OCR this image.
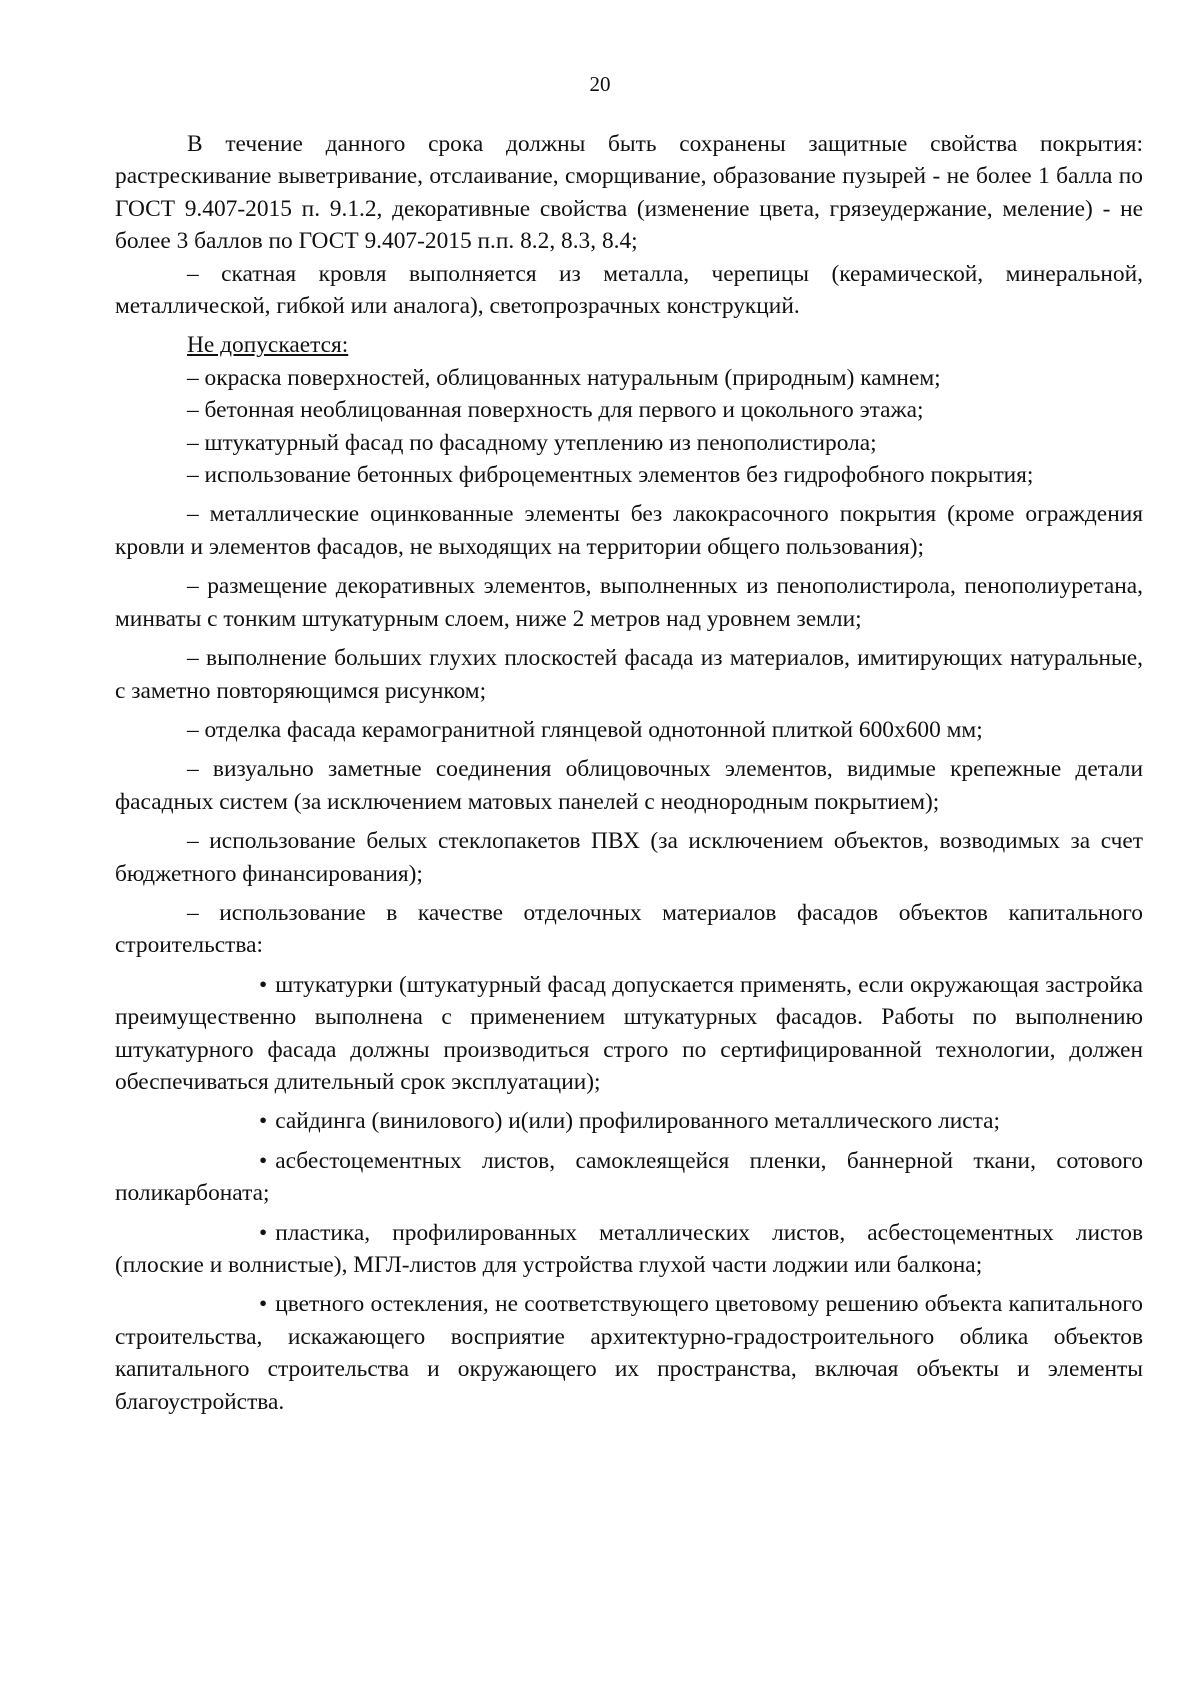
20

В течение данного срока должны быть сохранены защитные свойства покрытия: растрескивание выветривание, отслаивание, сморщивание, образование пузырей - не более 1 балла по ГОСТ 9.407-2015 п. 9.1.2, декоративные свойства (изменение цвета, грязеудержание, меление) - не более 3 баллов по ГОСТ 9.407-2015 п.п. 8.2, 8.3, 8.4;

– скатная кровля выполняется из металла, черепицы (керамической, минеральной, металлической, гибкой или аналога), светопрозрачных конструкций.

Не допускается:

– окраска поверхностей, облицованных натуральным (природным) камнем;

– бетонная необлицованная поверхность для первого и цокольного этажа;

– штукатурный фасад по фасадному утеплению из пенополистирола;

– использование бетонных фиброцементных элементов без гидрофобного покрытия;

– металлические оцинкованные элементы без лакокрасочного покрытия (кроме ограждения кровли и элементов фасадов, не выходящих на территории общего пользования);

– размещение декоративных элементов, выполненных из пенополистирола, пенополиуретана, минваты с тонким штукатурным слоем, ниже 2 метров над уровнем земли;

– выполнение больших глухих плоскостей фасада из материалов, имитирующих натуральные, с заметно повторяющимся рисунком;

– отделка фасада керамогранитной глянцевой однотонной плиткой 600х600 мм;

– визуально заметные соединения облицовочных элементов, видимые крепежные детали фасадных систем (за исключением матовых панелей с неоднородным покрытием);

– использование белых стеклопакетов ПВХ (за исключением объектов, возводимых за счет бюджетного финансирования);

– использование в качестве отделочных материалов фасадов объектов капитального строительства:

• штукатурки (штукатурный фасад допускается применять, если окружающая застройка преимущественно выполнена с применением штукатурных фасадов. Работы по выполнению штукатурного фасада должны производиться строго по сертифицированной технологии, должен обеспечиваться длительный срок эксплуатации);

• сайдинга (винилового) и(или) профилированного металлического листа;

• асбестоцементных листов, самоклеящейся пленки, баннерной ткани, сотового поликарбоната;

• пластика, профилированных металлических листов, асбестоцементных листов (плоские и волнистые), МГЛ-листов для устройства глухой части лоджии или балкона;

• цветного остекления, не соответствующего цветовому решению объекта капитального строительства, искажающего восприятие архитектурно-градостроительного облика объектов капитального строительства и окружающего их пространства, включая объекты и элементы благоустройства.
